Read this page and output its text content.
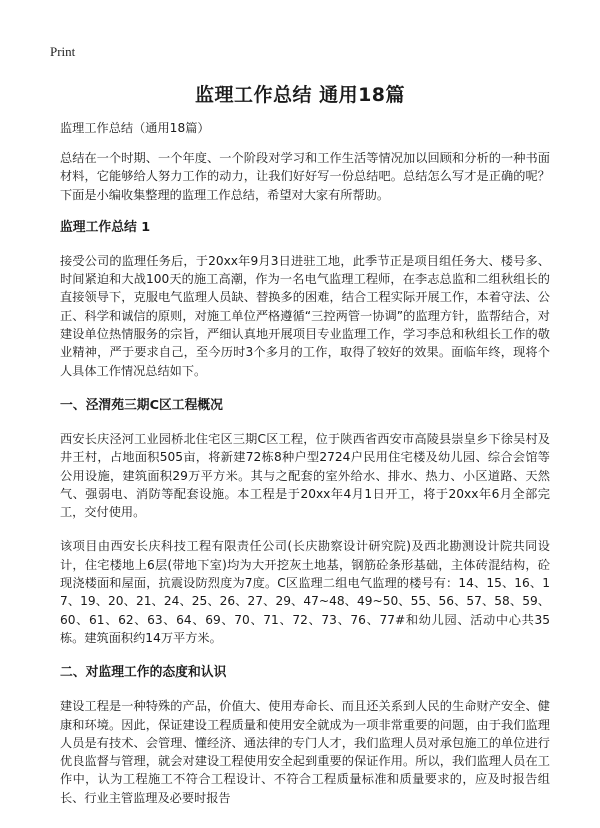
Print
监理工作总结 通用18篇

监理工作总结（通用18篇）

总结在一个时期、一个年度、一个阶段对学习和工作生活等情况加以回顾和分析的一种书面材料，它能够给人努力工作的动力，让我们好好写一份总结吧。总结怎么写才是正确的呢？下面是小编收集整理的监理工作总结，希望对大家有所帮助。

监理工作总结 1

接受公司的监理任务后，于20xx年9月3日进驻工地，此季节正是项目组任务大、楼号多、时间紧迫和大战100天的施工高潮，作为一名电气监理工程师，在李志总监和二组秋组长的直接领导下，克服电气监理人员缺、替换多的困难，结合工程实际开展工作，本着守法、公正、科学和诚信的原则，对施工单位严格遵循“三控两管一协调”的监理方针，监帮结合，对建设单位热情服务的宗旨，严细认真地开展项目专业监理工作，学习李总和秋组长工作的敬业精神，严于要求自己，至今历时3个多月的工作，取得了较好的效果。面临年终，现将个人具体工作情况总结如下。

一、泾渭苑三期C区工程概况

西安长庆泾河工业园桥北住宅区三期C区工程，位于陕西省西安市高陵县崇皇乡下徐吴村及井王村，占地面积505亩，将新建72栋8种户型2724户民用住宅楼及幼儿园、综合会馆等公用设施，建筑面积29万平方米。其与之配套的室外给水、排水、热力、小区道路、天然气、强弱电、消防等配套设施。本工程是于20xx年4月1日开工，将于20xx年6月全部完工，交付使用。

该项目由西安长庆科技工程有限责任公司(长庆勘察设计研究院)及西北勘测设计院共同设计，住宅楼地上6层(带地下室)均为大开挖灰土地基，钢筋砼条形基础，主体砖混结构，砼现浇楼面和屋面，抗震设防烈度为7度。C区监理二组电气监理的楼号有：14、15、16、17、19、20、21、24、25、26、27、29、47~48、49~50、55、56、57、58、59、60、61、62、63、64、69、70、71、72、73、76、77#和幼儿园、活动中心共35栋。建筑面积约14万平方米。

二、对监理工作的态度和认识

建设工程是一种特殊的产品，价值大、使用寿命长、而且还关系到人民的生命财产安全、健康和环境。因此，保证建设工程质量和使用安全就成为一项非常重要的问题，由于我们监理人员是有技术、会管理、懂经济、通法律的专门人才，我们监理人员对承包施工的单位进行优良监督与管理，就会对建设工程使用安全起到重要的保证作用。所以，我们监理人员在工作中，认为工程施工不符合工程设计、不符合工程质量标准和质量要求的，应及时报告组长、行业主管监理及必要时报告
